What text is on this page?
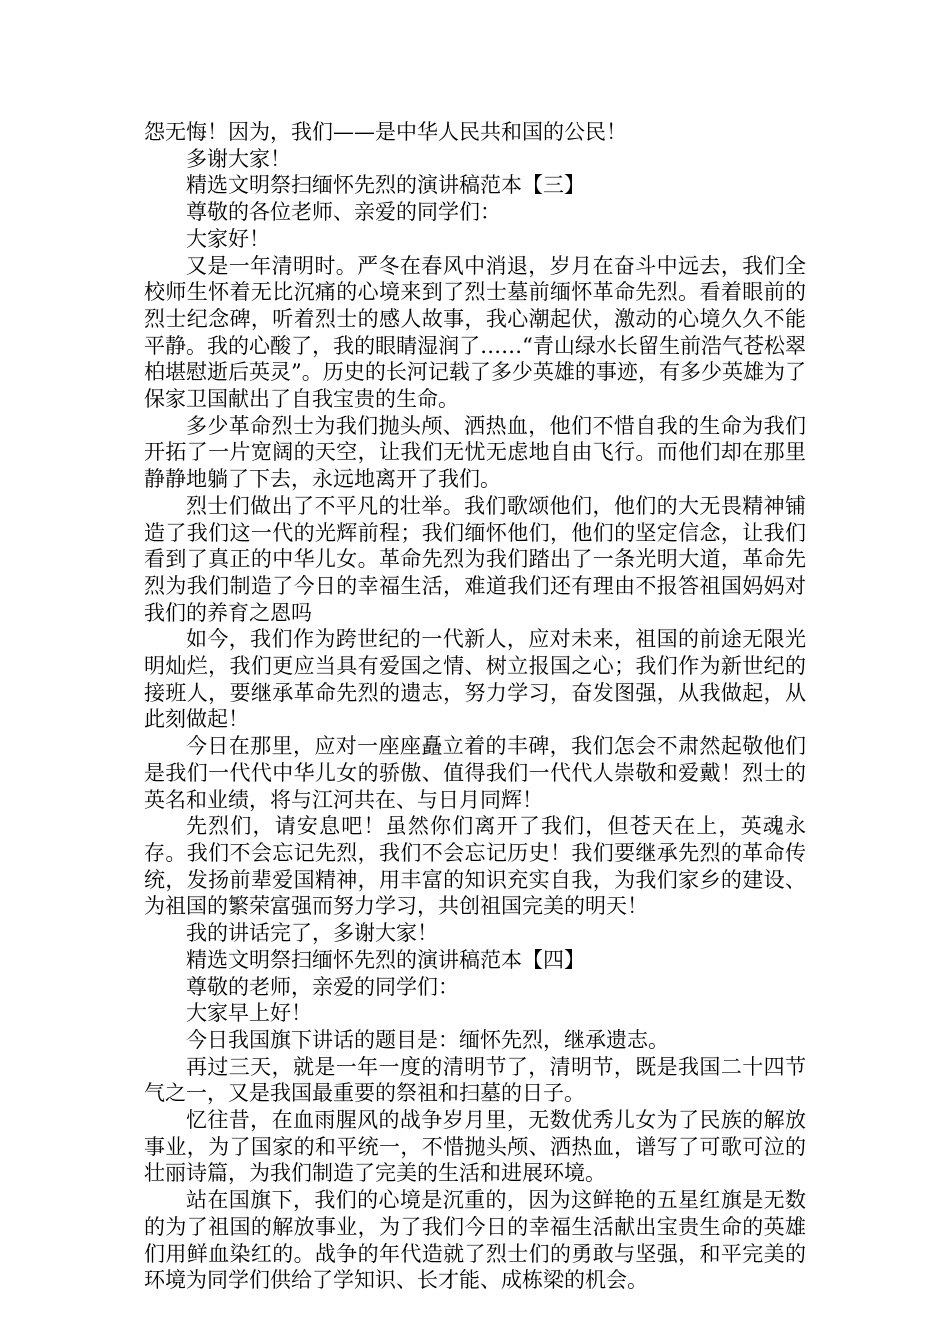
怨无悔！因为，我们——是中华人民共和国的公民！

多谢大家！

精选文明祭扫缅怀先烈的演讲稿范本【三】

尊敬的各位老师、亲爱的同学们：

大家好！

又是一年清明时。严冬在春风中消退，岁月在奋斗中远去，我们全校师生怀着无比沉痛的心境来到了烈士墓前缅怀革命先烈。看着眼前的烈士纪念碑，听着烈士的感人故事，我心潮起伏，激动的心境久久不能平静。我的心酸了，我的眼睛湿润了……“青山绿水长留生前浩气苍松翠柏堪慰逝后英灵”。历史的长河记载了多少英雄的事迹，有多少英雄为了保家卫国献出了自我宝贵的生命。

多少革命烈士为我们抛头颅、洒热血，他们不惜自我的生命为我们开拓了一片宽阔的天空，让我们无忧无虑地自由飞行。而他们却在那里静静地躺了下去，永远地离开了我们。

烈士们做出了不平凡的壮举。我们歌颂他们，他们的大无畏精神铺造了我们这一代的光辉前程；我们缅怀他们，他们的坚定信念，让我们看到了真正的中华儿女。革命先烈为我们踏出了一条光明大道，革命先烈为我们制造了今日的幸福生活，难道我们还有理由不报答祖国妈妈对我们的养育之恩吗

如今，我们作为跨世纪的一代新人，应对未来，祖国的前途无限光明灿烂，我们更应当具有爱国之情、树立报国之心；我们作为新世纪的接班人，要继承革命先烈的遗志，努力学习，奋发图强，从我做起，从此刻做起！

今日在那里，应对一座座矗立着的丰碑，我们怎会不肃然起敬他们是我们一代代中华儿女的骄傲、值得我们一代代人崇敬和爱戴！烈士的英名和业绩，将与江河共在、与日月同辉！

先烈们，请安息吧！虽然你们离开了我们，但苍天在上，英魂永存。我们不会忘记先烈，我们不会忘记历史！我们要继承先烈的革命传统，发扬前辈爱国精神，用丰富的知识充实自我，为我们家乡的建设、为祖国的繁荣富强而努力学习，共创祖国完美的明天！

我的讲话完了，多谢大家！

精选文明祭扫缅怀先烈的演讲稿范本【四】

尊敬的老师，亲爱的同学们：

大家早上好！

今日我国旗下讲话的题目是：缅怀先烈，继承遗志。

再过三天，就是一年一度的清明节了，清明节，既是我国二十四节气之一，又是我国最重要的祭祖和扫墓的日子。

忆往昔，在血雨腥风的战争岁月里，无数优秀儿女为了民族的解放事业，为了国家的和平统一，不惜抛头颅、洒热血，谱写了可歌可泣的壮丽诗篇，为我们制造了完美的生活和进展环境。

站在国旗下，我们的心境是沉重的，因为这鲜艳的五星红旗是无数的为了祖国的解放事业，为了我们今日的幸福生活献出宝贵生命的英雄们用鲜血染红的。战争的年代造就了烈士们的勇敢与坚强，和平完美的环境为同学们供给了学知识、长才能、成栋梁的机会。
